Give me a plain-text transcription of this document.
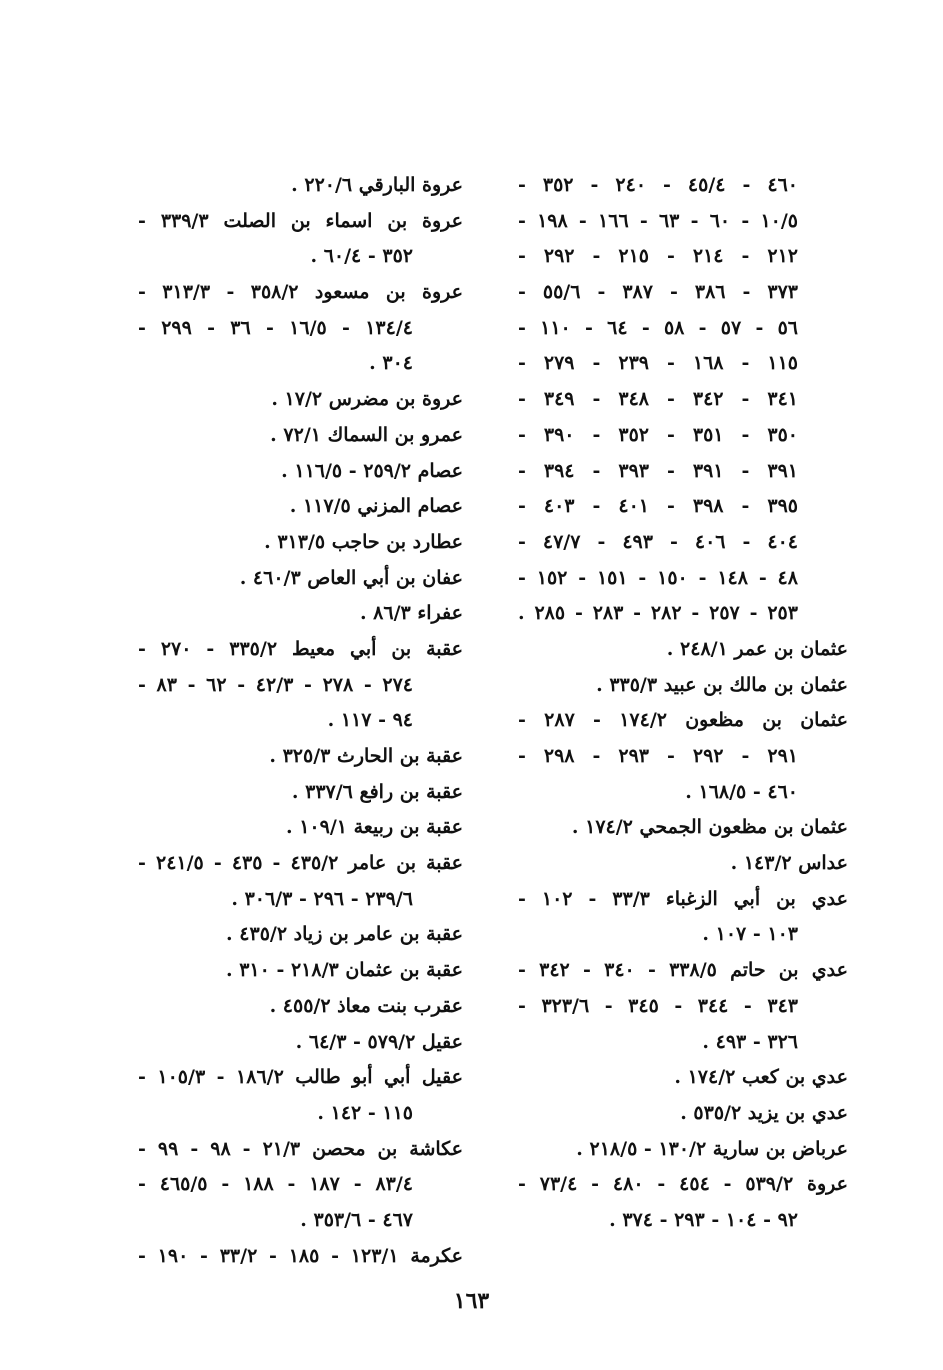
٤٦٠ - ٤٥/٤ - ٢٤٠ - ٣٥٢ -
١٠/٥ - ٦٠ - ٦٣ - ١٦٦ - ١٩٨ -
٢١٢ - ٢١٤ - ٢١٥ - ٢٩٢ -
٣٧٣ - ٣٨٦ - ٣٨٧ - ٥٥/٦ -
٥٦ - ٥٧ - ٥٨ - ٦٤ - ١١٠ -
١١٥ - ١٦٨ - ٢٣٩ - ٢٧٩ -
٣٤١ - ٣٤٢ - ٣٤٨ - ٣٤٩ -
٣٥٠ - ٣٥١ - ٣٥٢ - ٣٩٠ -
٣٩١ - ٣٩١ - ٣٩٣ - ٣٩٤ -
٣٩٥ - ٣٩٨ - ٤٠١ - ٤٠٣ -
٤٠٤ - ٤٠٦ - ٤٩٣ - ٤٧/٧ -
٤٨ - ١٤٨ - ١٥٠ - ١٥١ - ١٥٢ -
٢٥٣ - ٢٥٧ - ٢٨٢ - ٢٨٣ - ٢٨٥ .
عثمان بن عمر ٢٤٨/١ .
عثمان بن مالك بن عبيد ٣٣٥/٣ .
عثمان بن مظعون ١٧٤/٢ - ٢٨٧ -
٢٩١ - ٢٩٢ - ٢٩٣ - ٢٩٨ -
٤٦٠ - ١٦٨/٥ .
عثمان بن مظعون الجمحي ١٧٤/٢ .
عداس ١٤٣/٢ .
عدي بن أبي الزغباء ٣٣/٣ - ١٠٢ -
١٠٣ - ١٠٧ .
عدي بن حاتم ٣٣٨/٥ - ٣٤٠ - ٣٤٢ -
٣٤٣ - ٣٤٤ - ٣٤٥ - ٣٢٣/٦ -
٣٢٦ - ٤٩٣ .
عدي بن كعب ١٧٤/٢ .
عدي بن يزيد ٥٣٥/٢ .
عرباض بن سارية ١٣٠/٢ - ٢١٨/٥ .
عروة ٥٣٩/٢ - ٤٥٤ - ٤٨٠ - ٧٣/٤ -
٩٢ - ١٠٤ - ٢٩٣ - ٣٧٤ .
عروة البارقي ٢٢٠/٦ .
عروة بن اسماء بن الصلت ٣٣٩/٣ -
٣٥٢ - ٦٠/٤ .
عروة بن مسعود ٣٥٨/٢ - ٣١٣/٣ -
١٣٤/٤ - ١٦/٥ - ٣٦ - ٢٩٩ -
٣٠٤ .
عروة بن مضرس ١٧/٢ .
عمرو بن السماك ٧٢/١ .
عصام ٢٥٩/٢ - ١١٦/٥ .
عصام المزني ١١٧/٥ .
عطارد بن حاجب ٣١٣/٥ .
عفان بن أبي العاص ٤٦٠/٣ .
عفراء ٨٦/٣ .
عقبة بن أبي معيط ٣٣٥/٢ - ٢٧٠ -
٢٧٤ - ٢٧٨ - ٤٢/٣ - ٦٢ - ٨٣ -
٩٤ - ١١٧ .
عقبة بن الحارث ٣٢٥/٣ .
عقبة بن رافع ٣٣٧/٦ .
عقبة بن ربيعة ١٠٩/١ .
عقبة بن عامر ٤٣٥/٢ - ٤٣٥ - ٢٤١/٥ -
٢٣٩/٦ - ٢٩٦ - ٣٠٦/٣ .
عقبة بن عامر بن زياد ٤٣٥/٢ .
عقبة بن عثمان ٢١٨/٣ - ٣١٠ .
عقرب بنت معاذ ٤٥٥/٢ .
عقيل ٥٧٩/٢ - ٦٤/٣ .
عقيل أبي أبو طالب ١٨٦/٢ - ١٠٥/٣ -
١١٥ - ١٤٢ .
عكاشة بن محصن ٢١/٣ - ٩٨ - ٩٩ -
٨٣/٤ - ١٨٧ - ١٨٨ - ٤٦٥/٥ -
٤٦٧ - ٣٥٣/٦ .
عكرمة ١٢٣/١ - ١٨٥ - ٣٣/٢ - ١٩٠ -
١٦٣
